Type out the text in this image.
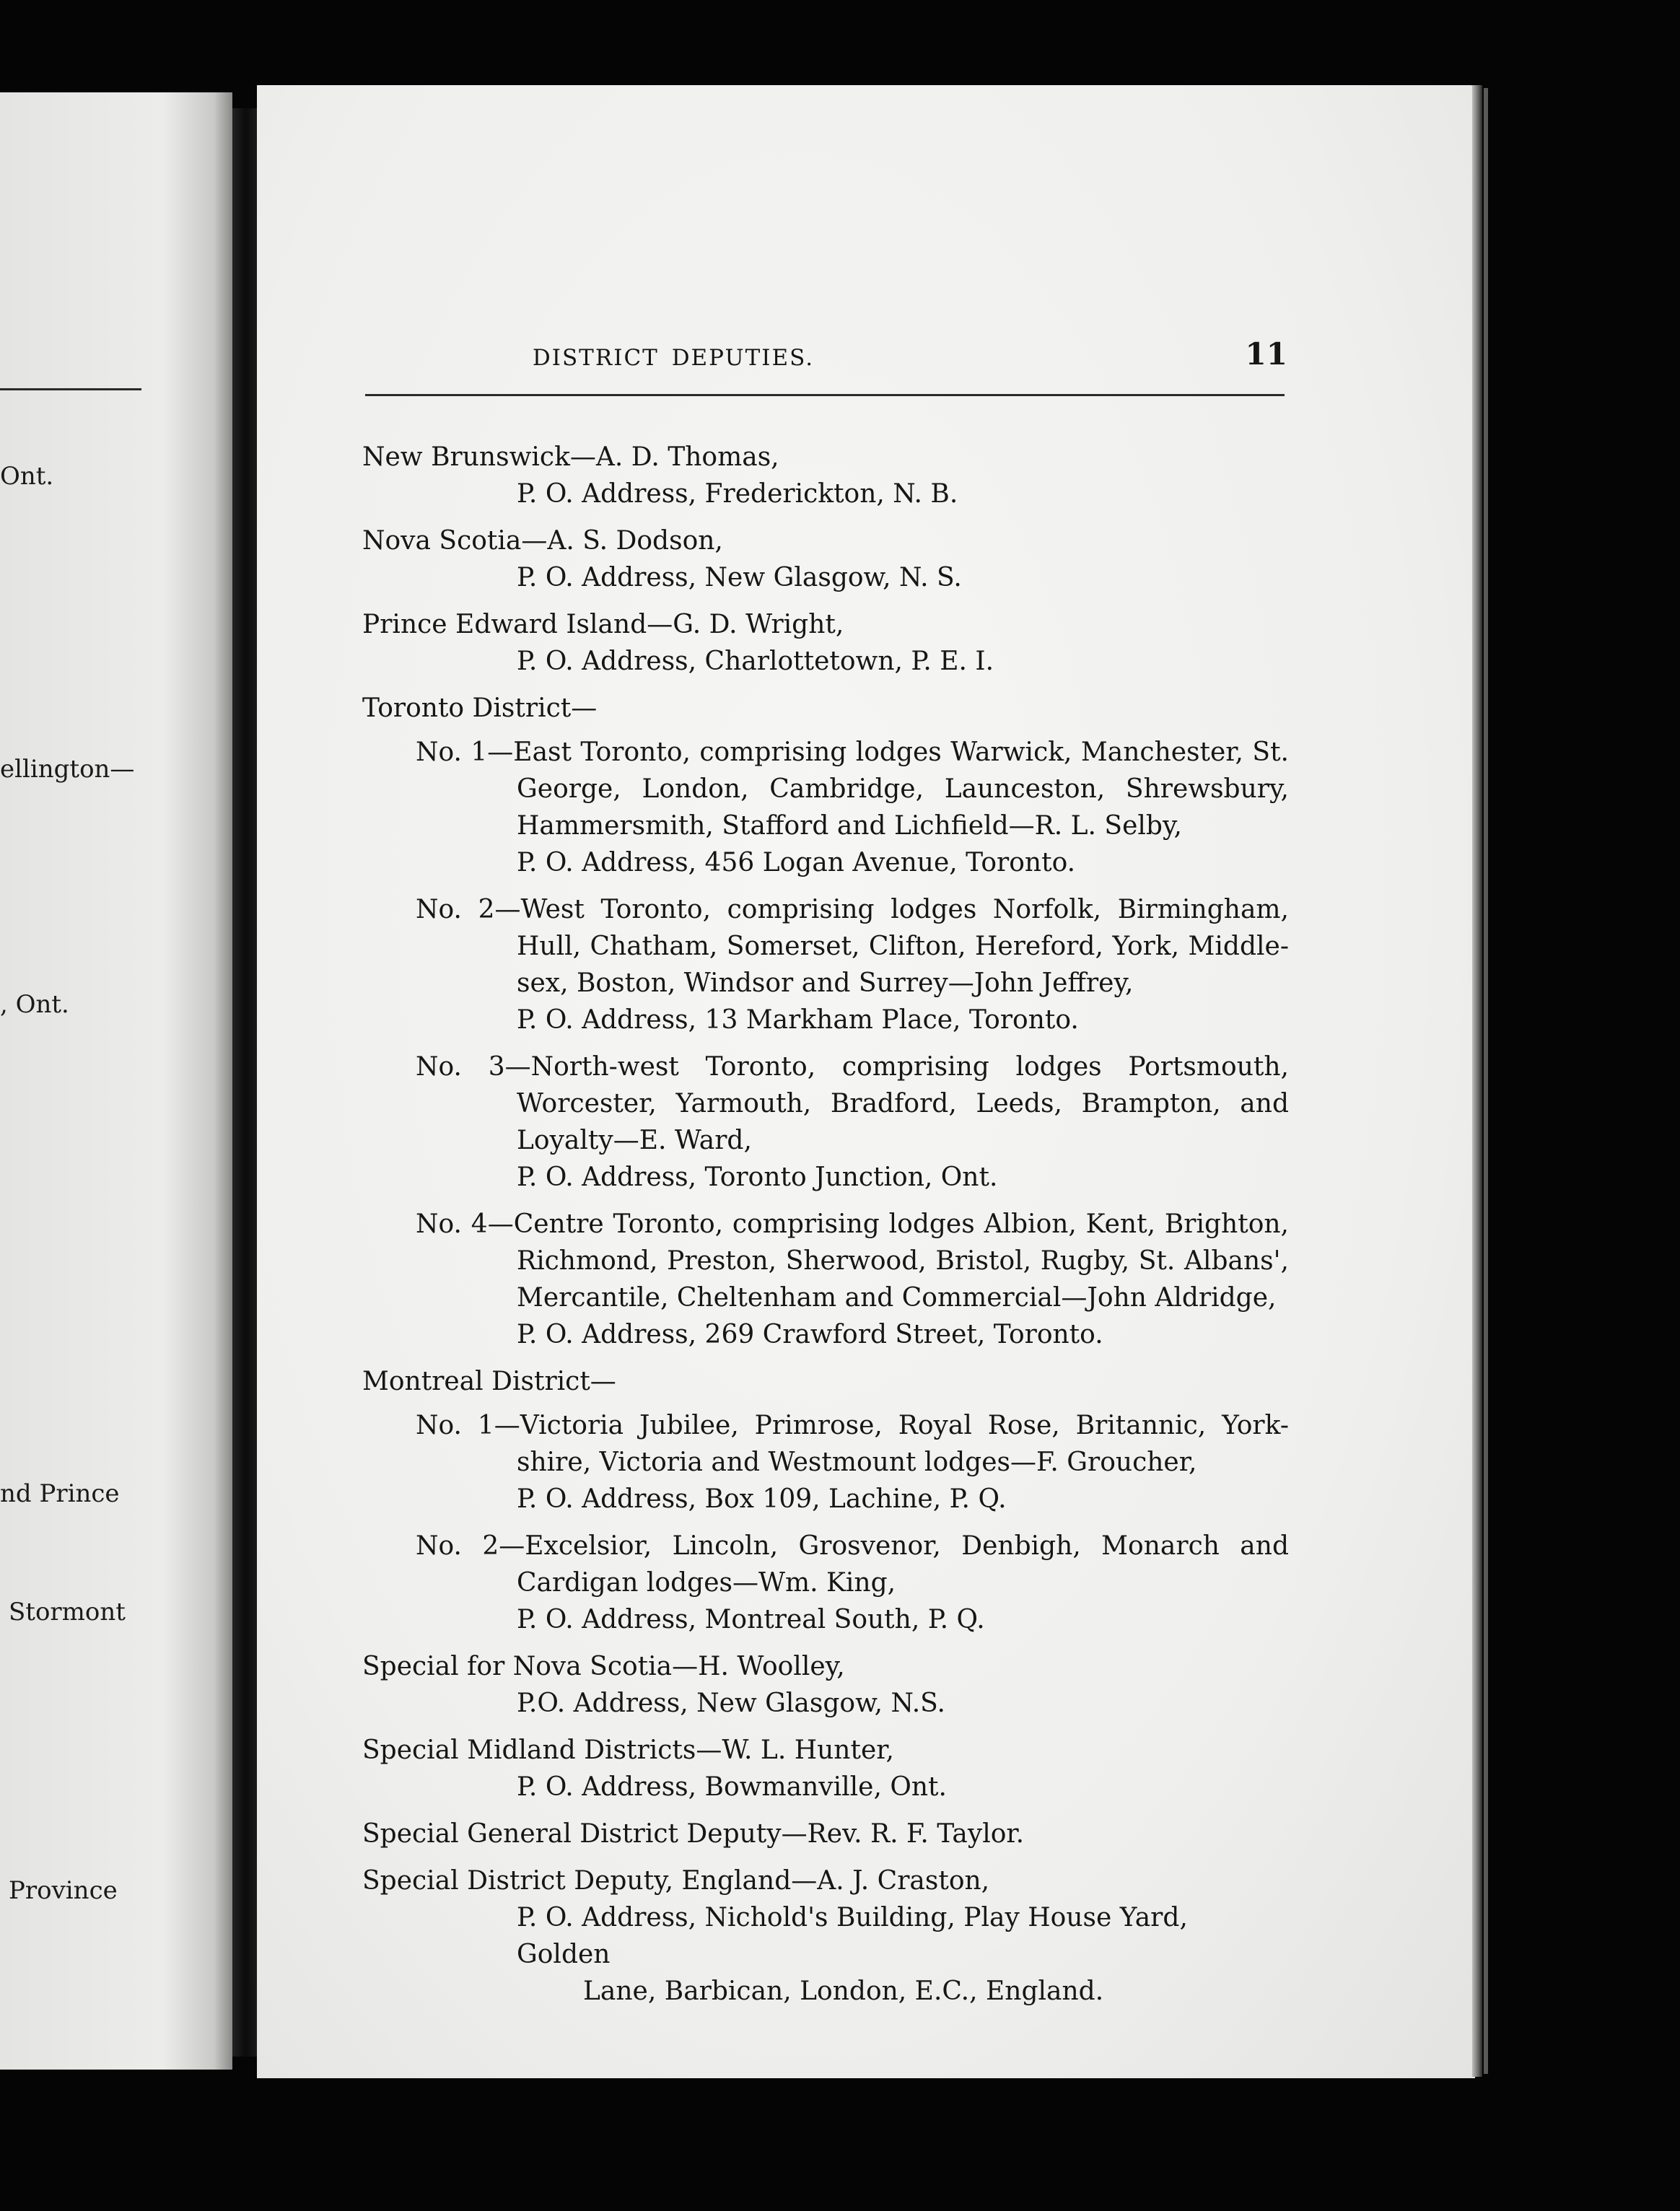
Ont.
ellington—
, Ont.
nd Prince
Stormont
Province
DISTRICT DEPUTIES.	11
New Brunswick—A. D. Thomas,
P. O. Address, Frederickton, N. B.
Nova Scotia—A. S. Dodson,
P. O. Address, New Glasgow, N. S.
Prince Edward Island—G. D. Wright,
P. O. Address, Charlottetown, P. E. I.
Toronto District—
No. 1—East Toronto, comprising lodges Warwick, Manchester, St. George, London, Cambridge, Launceston, Shrewsbury, Hammersmith, Stafford and Lichfield—R. L. Selby,
P. O. Address, 456 Logan Avenue, Toronto.
No. 2—West Toronto, comprising lodges Norfolk, Birmingham, Hull, Chatham, Somerset, Clifton, Hereford, York, Middle-sex, Boston, Windsor and Surrey—John Jeffrey,
P. O. Address, 13 Markham Place, Toronto.
No. 3—North-west Toronto, comprising lodges Portsmouth, Worcester, Yarmouth, Bradford, Leeds, Brampton, and Loyalty—E. Ward,
P. O. Address, Toronto Junction, Ont.
No. 4—Centre Toronto, comprising lodges Albion, Kent, Brighton, Richmond, Preston, Sherwood, Bristol, Rugby, St. Albans', Mercantile, Cheltenham and Commercial—John Aldridge,
P. O. Address, 269 Crawford Street, Toronto.
Montreal District—
No. 1—Victoria Jubilee, Primrose, Royal Rose, Britannic, York-shire, Victoria and Westmount lodges—F. Groucher,
P. O. Address, Box 109, Lachine, P. Q.
No. 2—Excelsior, Lincoln, Grosvenor, Denbigh, Monarch and Cardigan lodges—Wm. King,
P. O. Address, Montreal South, P. Q.
Special for Nova Scotia—H. Woolley,
P.O. Address, New Glasgow, N.S.
Special Midland Districts—W. L. Hunter,
P. O. Address, Bowmanville, Ont.
Special General District Deputy—Rev. R. F. Taylor.
Special District Deputy, England—A. J. Craston,
P. O. Address, Nichold's Building, Play House Yard, Golden
Lane, Barbican, London, E.C., England.
